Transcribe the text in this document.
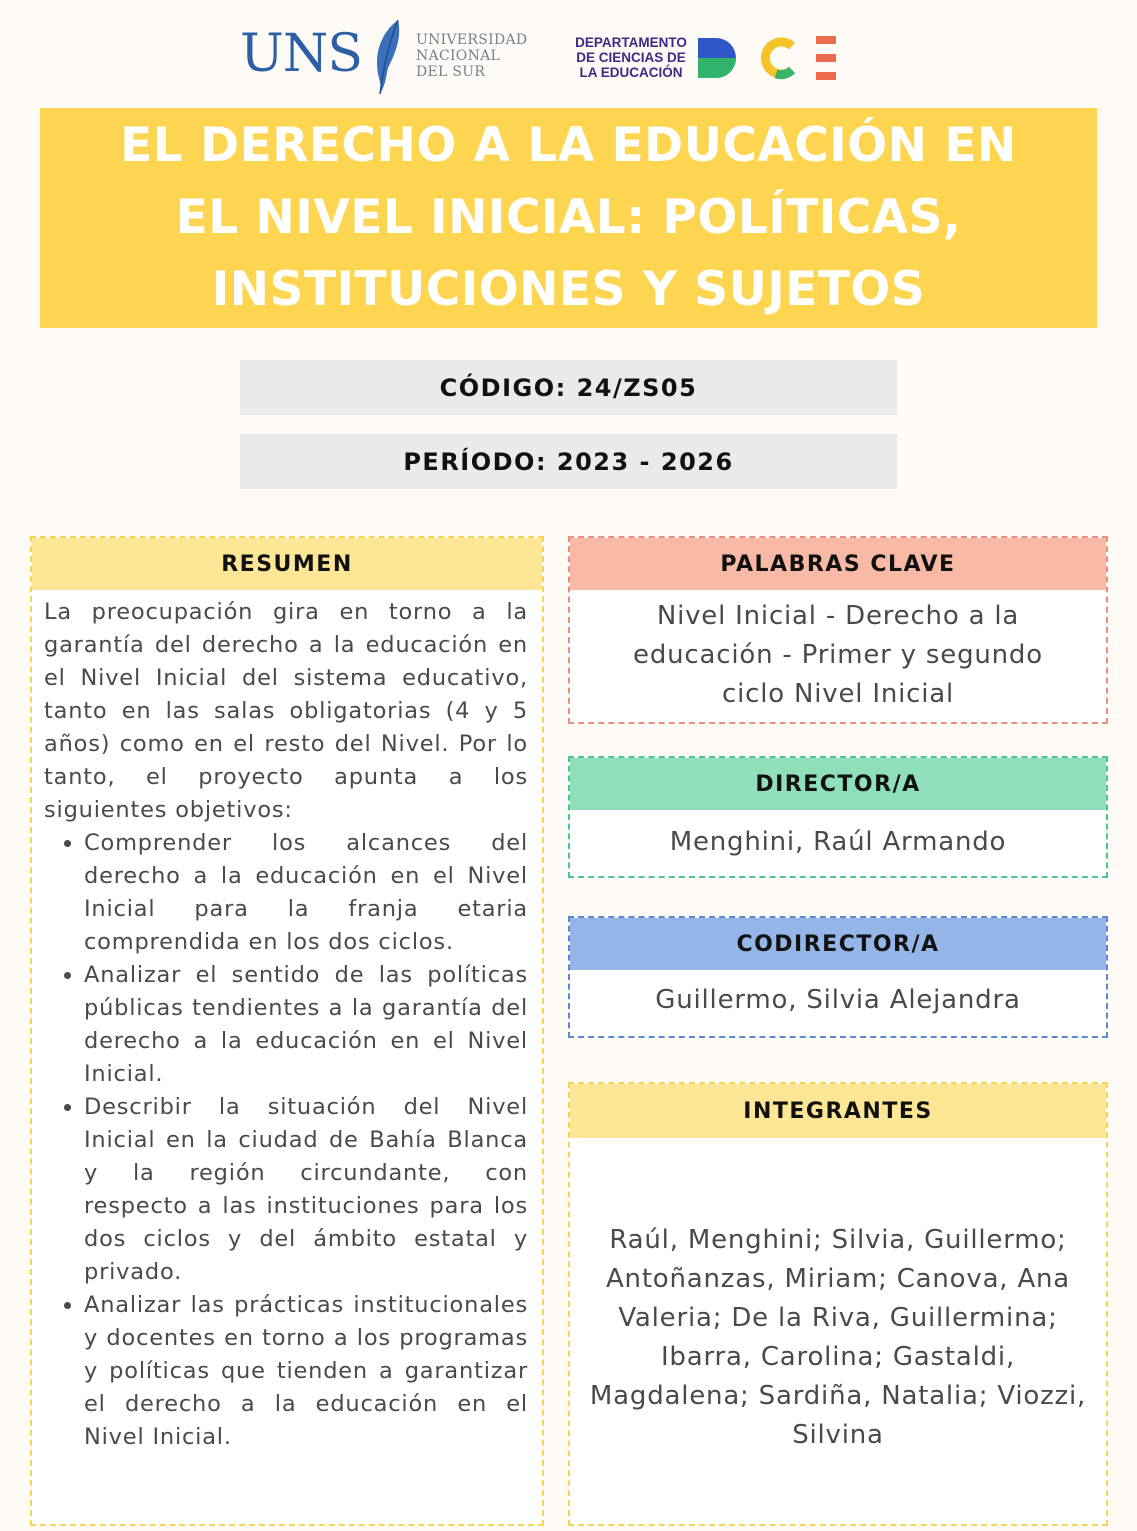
UNS	UNIVERSIDAD
NACIONAL
DEL SUR
DEPARTAMENTO
DE CIENCIAS DE
LA EDUCACIÓN
EL DERECHO A LA EDUCACIÓN EN EL NIVEL INICIAL: POLÍTICAS, INSTITUCIONES Y SUJETOS
CÓDIGO: 24/ZS05
PERÍODO: 2023 - 2026
RESUMEN
La preocupación gira en torno a la garantía del derecho a la educación en el Nivel Inicial del sistema educativo, tanto en las salas obligatorias (4 y 5 años) como en el resto del Nivel. Por lo tanto, el proyecto apunta a los siguientes objetivos:
• Comprender los alcances del derecho a la educación en el Nivel Inicial para la franja etaria comprendida en los dos ciclos.
• Analizar el sentido de las políticas públicas tendientes a la garantía del derecho a la educación en el Nivel Inicial.
• Describir la situación del Nivel Inicial en la ciudad de Bahía Blanca y la región circundante, con respecto a las instituciones para los dos ciclos y del ámbito estatal y privado.
• Analizar las prácticas institucionales y docentes en torno a los programas y políticas que tienden a garantizar el derecho a la educación en el Nivel Inicial.
PALABRAS CLAVE
Nivel Inicial - Derecho a la educación - Primer y segundo ciclo Nivel Inicial
DIRECTOR/A
Menghini, Raúl Armando
CODIRECTOR/A
Guillermo, Silvia Alejandra
INTEGRANTES
Raúl, Menghini; Silvia, Guillermo; Antoñanzas, Miriam; Canova, Ana Valeria; De la Riva, Guillermina; Ibarra, Carolina; Gastaldi, Magdalena; Sardiña, Natalia; Viozzi, Silvina
